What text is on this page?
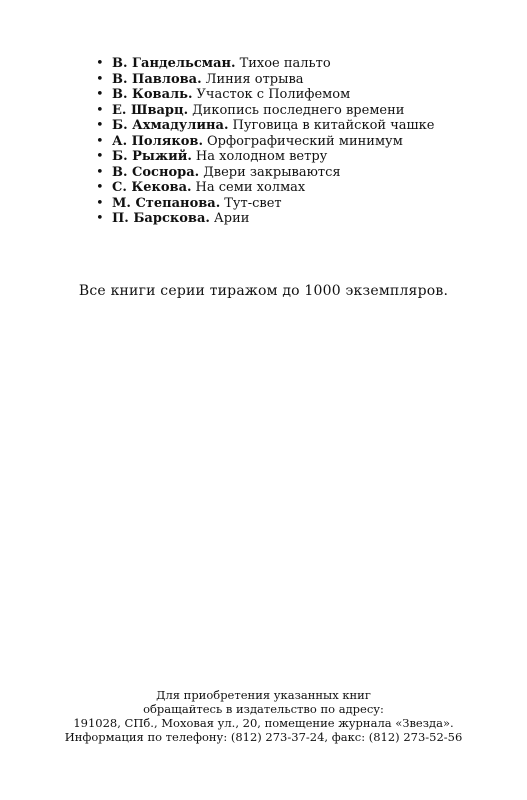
• В. Гандельсман. Тихое пальто
• В. Павлова. Линия отрыва
• В. Коваль. Участок с Полифемом
• Е. Шварц. Дикопись последнего времени
• Б. Ахмадулина. Пуговица в китайской чашке
• А. Поляков. Орфографический минимум
• Б. Рыжий. На холодном ветру
• В. Соснора. Двери закрываются
• С. Кекова. На семи холмах
• М. Степанова. Тут-свет
• П. Барскова. Арии
Все книги серии тиражом до 1000 экземпляров.
Для приобретения указанных книг
обращайтесь в издательство по адресу:
191028, СПб., Моховая ул., 20, помещение журнала «Звезда».
Информация по телефону: (812) 273-37-24, факс: (812) 273-52-56
